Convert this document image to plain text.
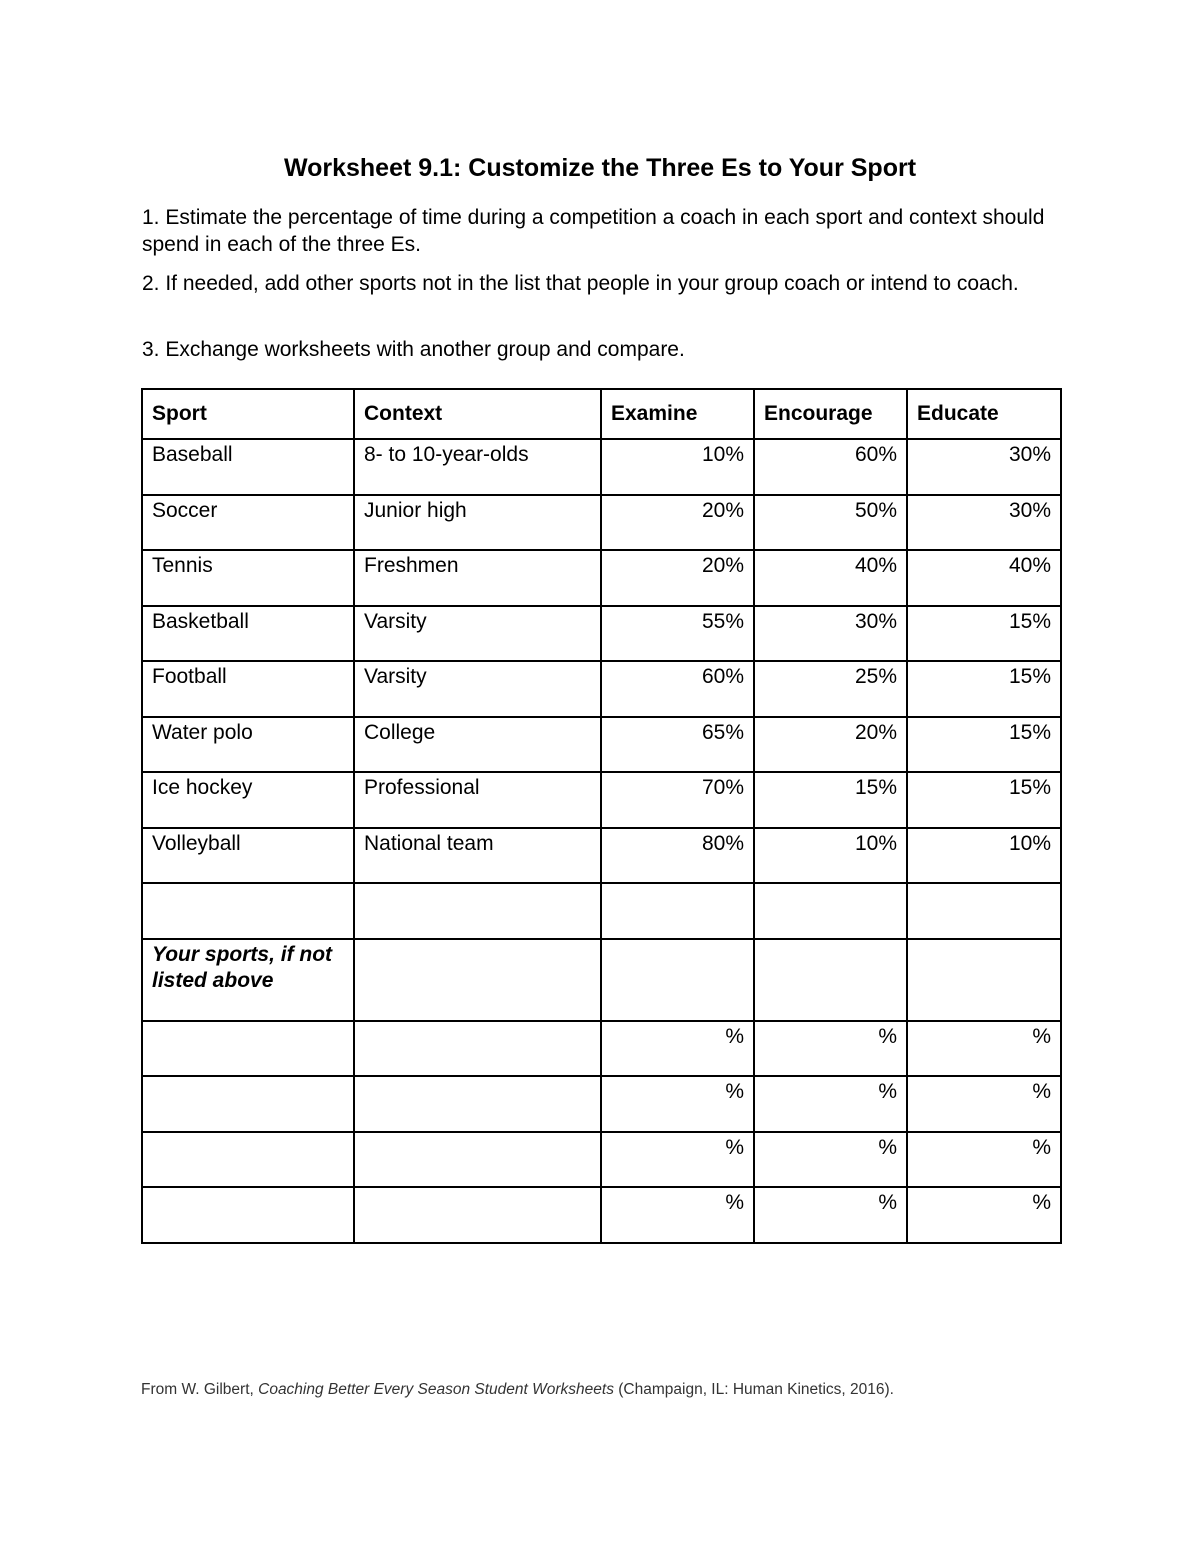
Worksheet 9.1: Customize the Three Es to Your Sport
1. Estimate the percentage of time during a competition a coach in each sport and context should spend in each of the three Es.
2. If needed, add other sports not in the list that people in your group coach or intend to coach.
3. Exchange worksheets with another group and compare.
Sport	Context	Examine	Encourage	Educate
Baseball	8- to 10-year-olds	10%	60%	30%
Soccer	Junior high	20%	50%	30%
Tennis	Freshmen	20%	40%	40%
Basketball	Varsity	55%	30%	15%
Football	Varsity	60%	25%	15%
Water polo	College	65%	20%	15%
Ice hockey	Professional	70%	15%	15%
Volleyball	National team	80%	10%	10%

Your sports, if not listed above				
		%	%	%
		%	%	%
		%	%	%
		%	%	%
From W. Gilbert, Coaching Better Every Season Student Worksheets (Champaign, IL: Human Kinetics, 2016).
